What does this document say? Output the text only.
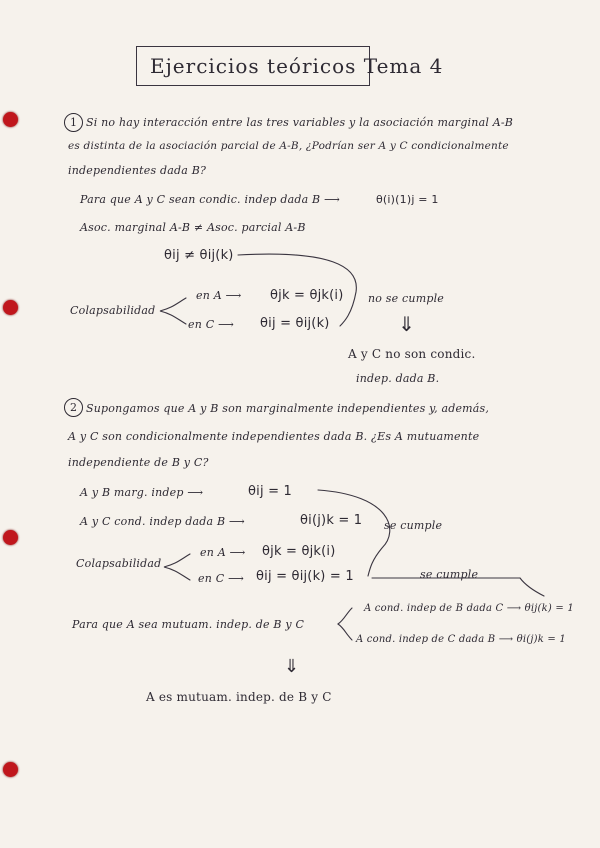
Ejercicios teóricos Tema 4
1 Si no hay interacción entre las tres variables y la asociación marginal A-B
es distinta de la asociación parcial de A-B, ¿Podrían ser A y C condicionalmente
independientes dada B?
Para que A y C sean condic. indep dada B ⟶	θ(i)(1)j = 1
Asoc. marginal A-B ≠ Asoc. parcial A-B
θij ≠ θij(k)
Colapsabilidad
en A ⟶ θjk = θjk(i)
en C ⟶ θij = θij(k)
no se cumple
⇓
A y C no son condic.
indep. dada B.
2 Supongamos que A y B son marginalmente independientes y, además,
A y C son condicionalmente independientes dada B. ¿Es A mutuamente
independiente de B y C?
A y B marg. indep ⟶	θij = 1
A y C cond. indep dada B ⟶	θi(j)k = 1 se cumple
Colapsabilidad
en A ⟶ θjk = θjk(i)
en C ⟶ θij = θij(k) = 1	se cumple
Para que A sea mutuam. indep. de B y C
A cond. indep de B dada C ⟶ θij(k) = 1
A cond. indep de C dada B ⟶ θi(j)k = 1
⇓
A es mutuam. indep. de B y C
